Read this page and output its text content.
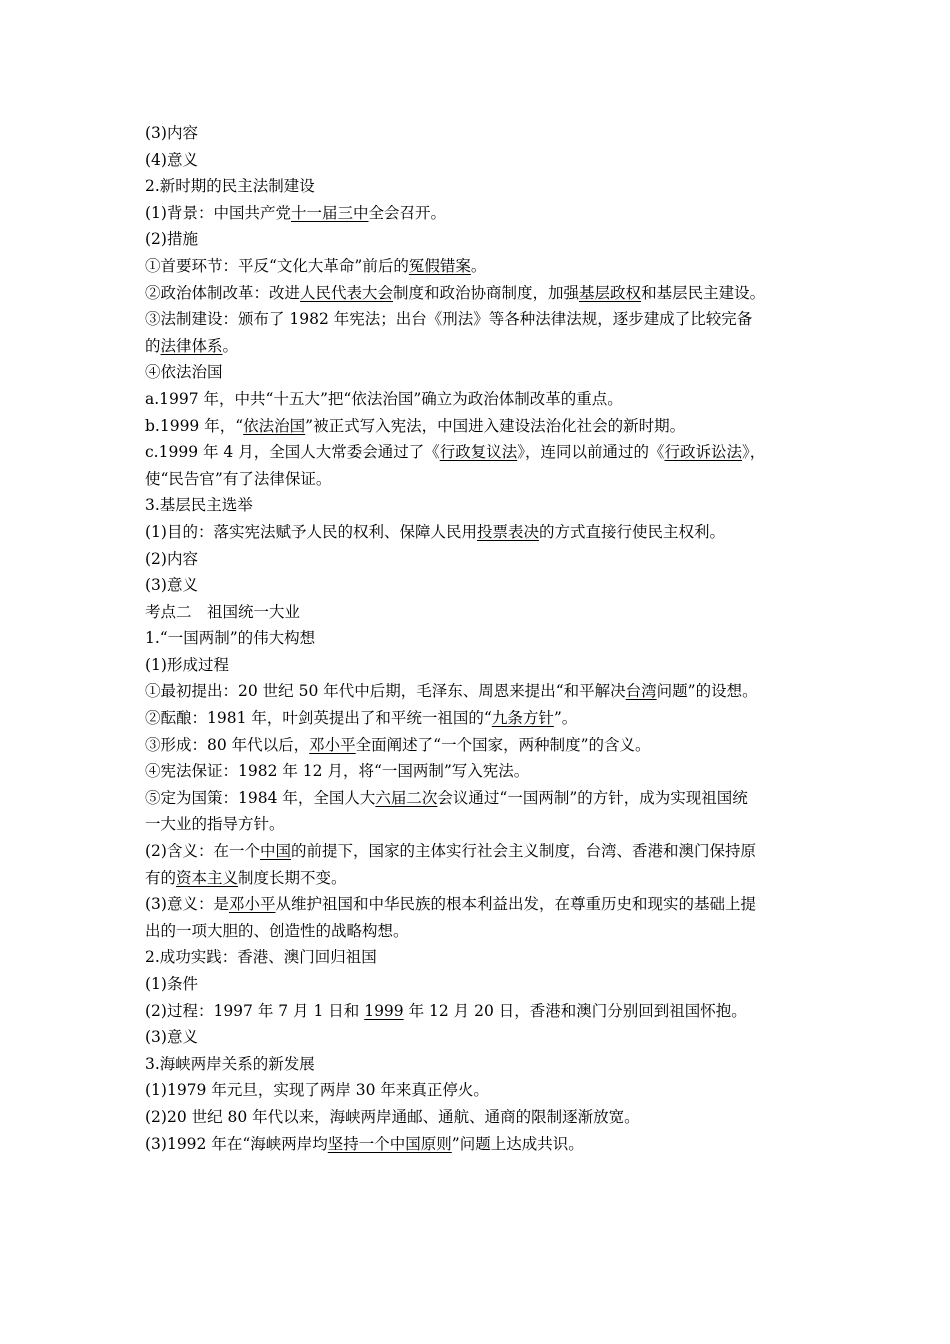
(3)内容
(4)意义
2.新时期的民主法制建设
(1)背景：中国共产党十一届三中全会召开。
(2)措施
①首要环节：平反“文化大革命”前后的冤假错案。
②政治体制改革：改进人民代表大会制度和政治协商制度，加强基层政权和基层民主建设。
③法制建设：颁布了 1982 年宪法；出台《刑法》等各种法律法规，逐步建成了比较完备
的法律体系。
④依法治国
a.1997 年，中共“十五大”把“依法治国”确立为政治体制改革的重点。
b.1999 年，“依法治国”被正式写入宪法，中国进入建设法治化社会的新时期。
c.1999 年 4 月，全国人大常委会通过了《行政复议法》，连同以前通过的《行政诉讼法》，
使“民告官”有了法律保证。
3.基层民主选举
(1)目的：落实宪法赋予人民的权利、保障人民用投票表决的方式直接行使民主权利。
(2)内容
(3)意义
考点二　祖国统一大业
1.“一国两制”的伟大构想
(1)形成过程
①最初提出：20 世纪 50 年代中后期，毛泽东、周恩来提出“和平解决台湾问题”的设想。
②酝酿：1981 年，叶剑英提出了和平统一祖国的“九条方针”。
③形成：80 年代以后，邓小平全面阐述了“一个国家，两种制度”的含义。
④宪法保证：1982 年 12 月，将“一国两制”写入宪法。
⑤定为国策：1984 年，全国人大六届二次会议通过“一国两制”的方针，成为实现祖国统
一大业的指导方针。
(2)含义：在一个中国的前提下，国家的主体实行社会主义制度，台湾、香港和澳门保持原
有的资本主义制度长期不变。
(3)意义：是邓小平从维护祖国和中华民族的根本利益出发，在尊重历史和现实的基础上提
出的一项大胆的、创造性的战略构想。
2.成功实践：香港、澳门回归祖国
(1)条件
(2)过程：1997 年 7 月 1 日和 1999 年 12 月 20 日，香港和澳门分别回到祖国怀抱。
(3)意义
3.海峡两岸关系的新发展
(1)1979 年元旦，实现了两岸 30 年来真正停火。
(2)20 世纪 80 年代以来，海峡两岸通邮、通航、通商的限制逐渐放宽。
(3)1992 年在“海峡两岸均坚持一个中国原则”问题上达成共识。
